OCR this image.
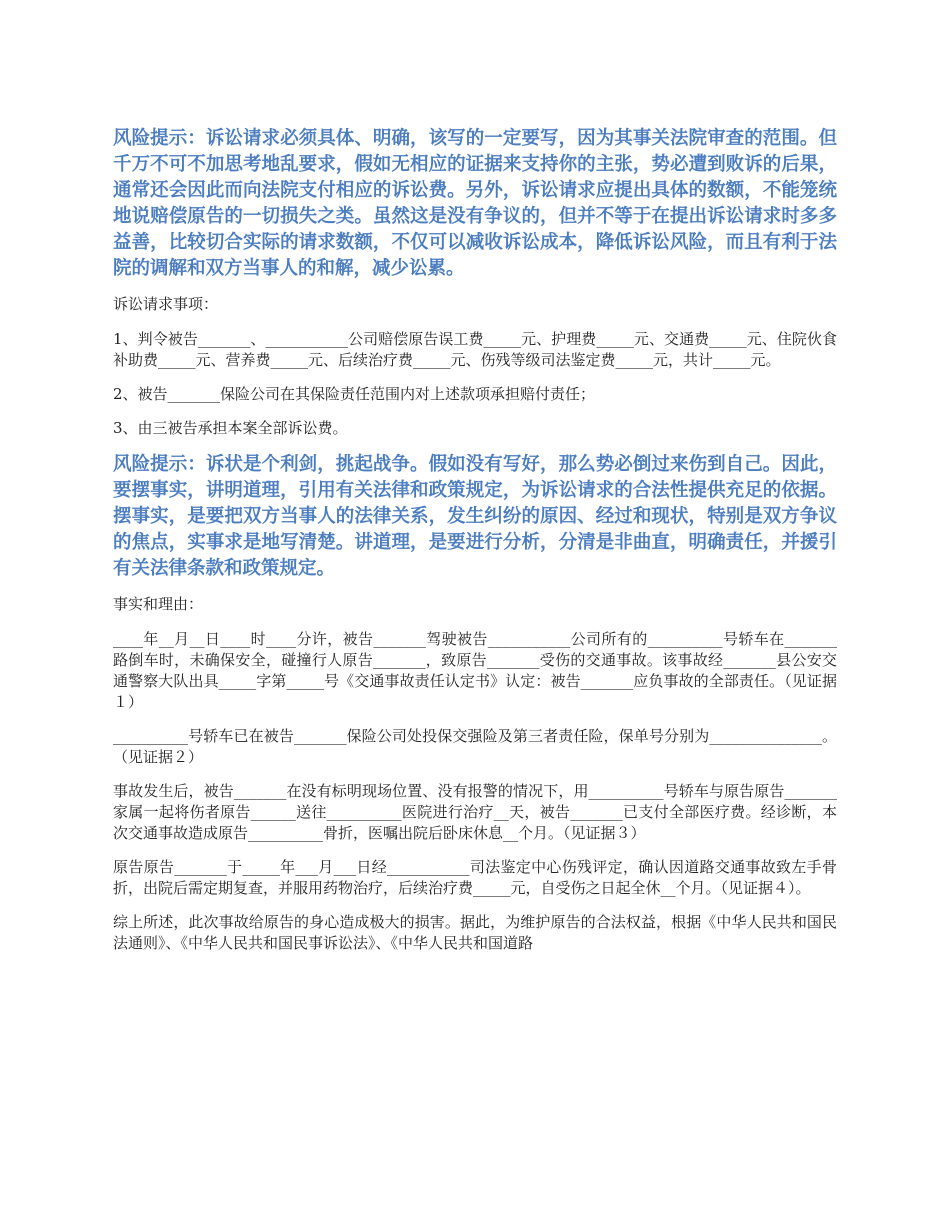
风险提示：诉讼请求必须具体、明确，该写的一定要写，因为其事关法院审查的范围。但千万不可不加思考地乱要求，假如无相应的证据来支持你的主张，势必遭到败诉的后果，通常还会因此而向法院支付相应的诉讼费。另外，诉讼请求应提出具体的数额，不能笼统地说赔偿原告的一切损失之类。虽然这是没有争议的，但并不等于在提出诉讼请求时多多益善，比较切合实际的请求数额，不仅可以减收诉讼成本，降低诉讼风险，而且有利于法院的调解和双方当事人的和解，减少讼累。

诉讼请求事项：

1、判令被告_______、___________公司赔偿原告误工费_____元、护理费_____元、交通费_____元、住院伙食补助费_____元、营养费_____元、后续治疗费_____元、伤残等级司法鉴定费_____元，共计_____元。

2、被告_______保险公司在其保险责任范围内对上述款项承担赔付责任；

3、由三被告承担本案全部诉讼费。

风险提示：诉状是个利剑，挑起战争。假如没有写好，那么势必倒过来伤到自己。因此，要摆事实，讲明道理，引用有关法律和政策规定，为诉讼请求的合法性提供充足的依据。摆事实，是要把双方当事人的法律关系，发生纠纷的原因、经过和现状，特别是双方争议的焦点，实事求是地写清楚。讲道理，是要进行分析，分清是非曲直，明确责任，并援引有关法律条款和政策规定。

事实和理由：

____年__月__日____时____分许，被告_______驾驶被告___________公司所有的__________号轿车在_______路倒车时，未确保安全，碰撞行人原告_______，致原告_______受伤的交通事故。该事故经_______县公安交通警察大队出具_____字第_____号《交通事故责任认定书》认定：被告_______应负事故的全部责任。（见证据１）

__________号轿车已在被告_______保险公司处投保交强险及第三者责任险，保单号分别为_______________。（见证据２）

事故发生后，被告_______在没有标明现场位置、没有报警的情况下，用__________号轿车与原告原告_______家属一起将伤者原告______送往__________医院进行治疗__天，被告_______已支付全部医疗费。经诊断，本次交通事故造成原告__________骨折，医嘱出院后卧床休息__个月。（见证据３）

原告原告_______于_____年___月___日经___________司法鉴定中心伤残评定，确认因道路交通事故致左手骨折，出院后需定期复查，并服用药物治疗，后续治疗费_____元，自受伤之日起全休__个月。（见证据４）。

综上所述，此次事故给原告的身心造成极大的损害。据此，为维护原告的合法权益，根据《中华人民共和国民法通则》、《中华人民共和国民事诉讼法》、《中华人民共和国道路
